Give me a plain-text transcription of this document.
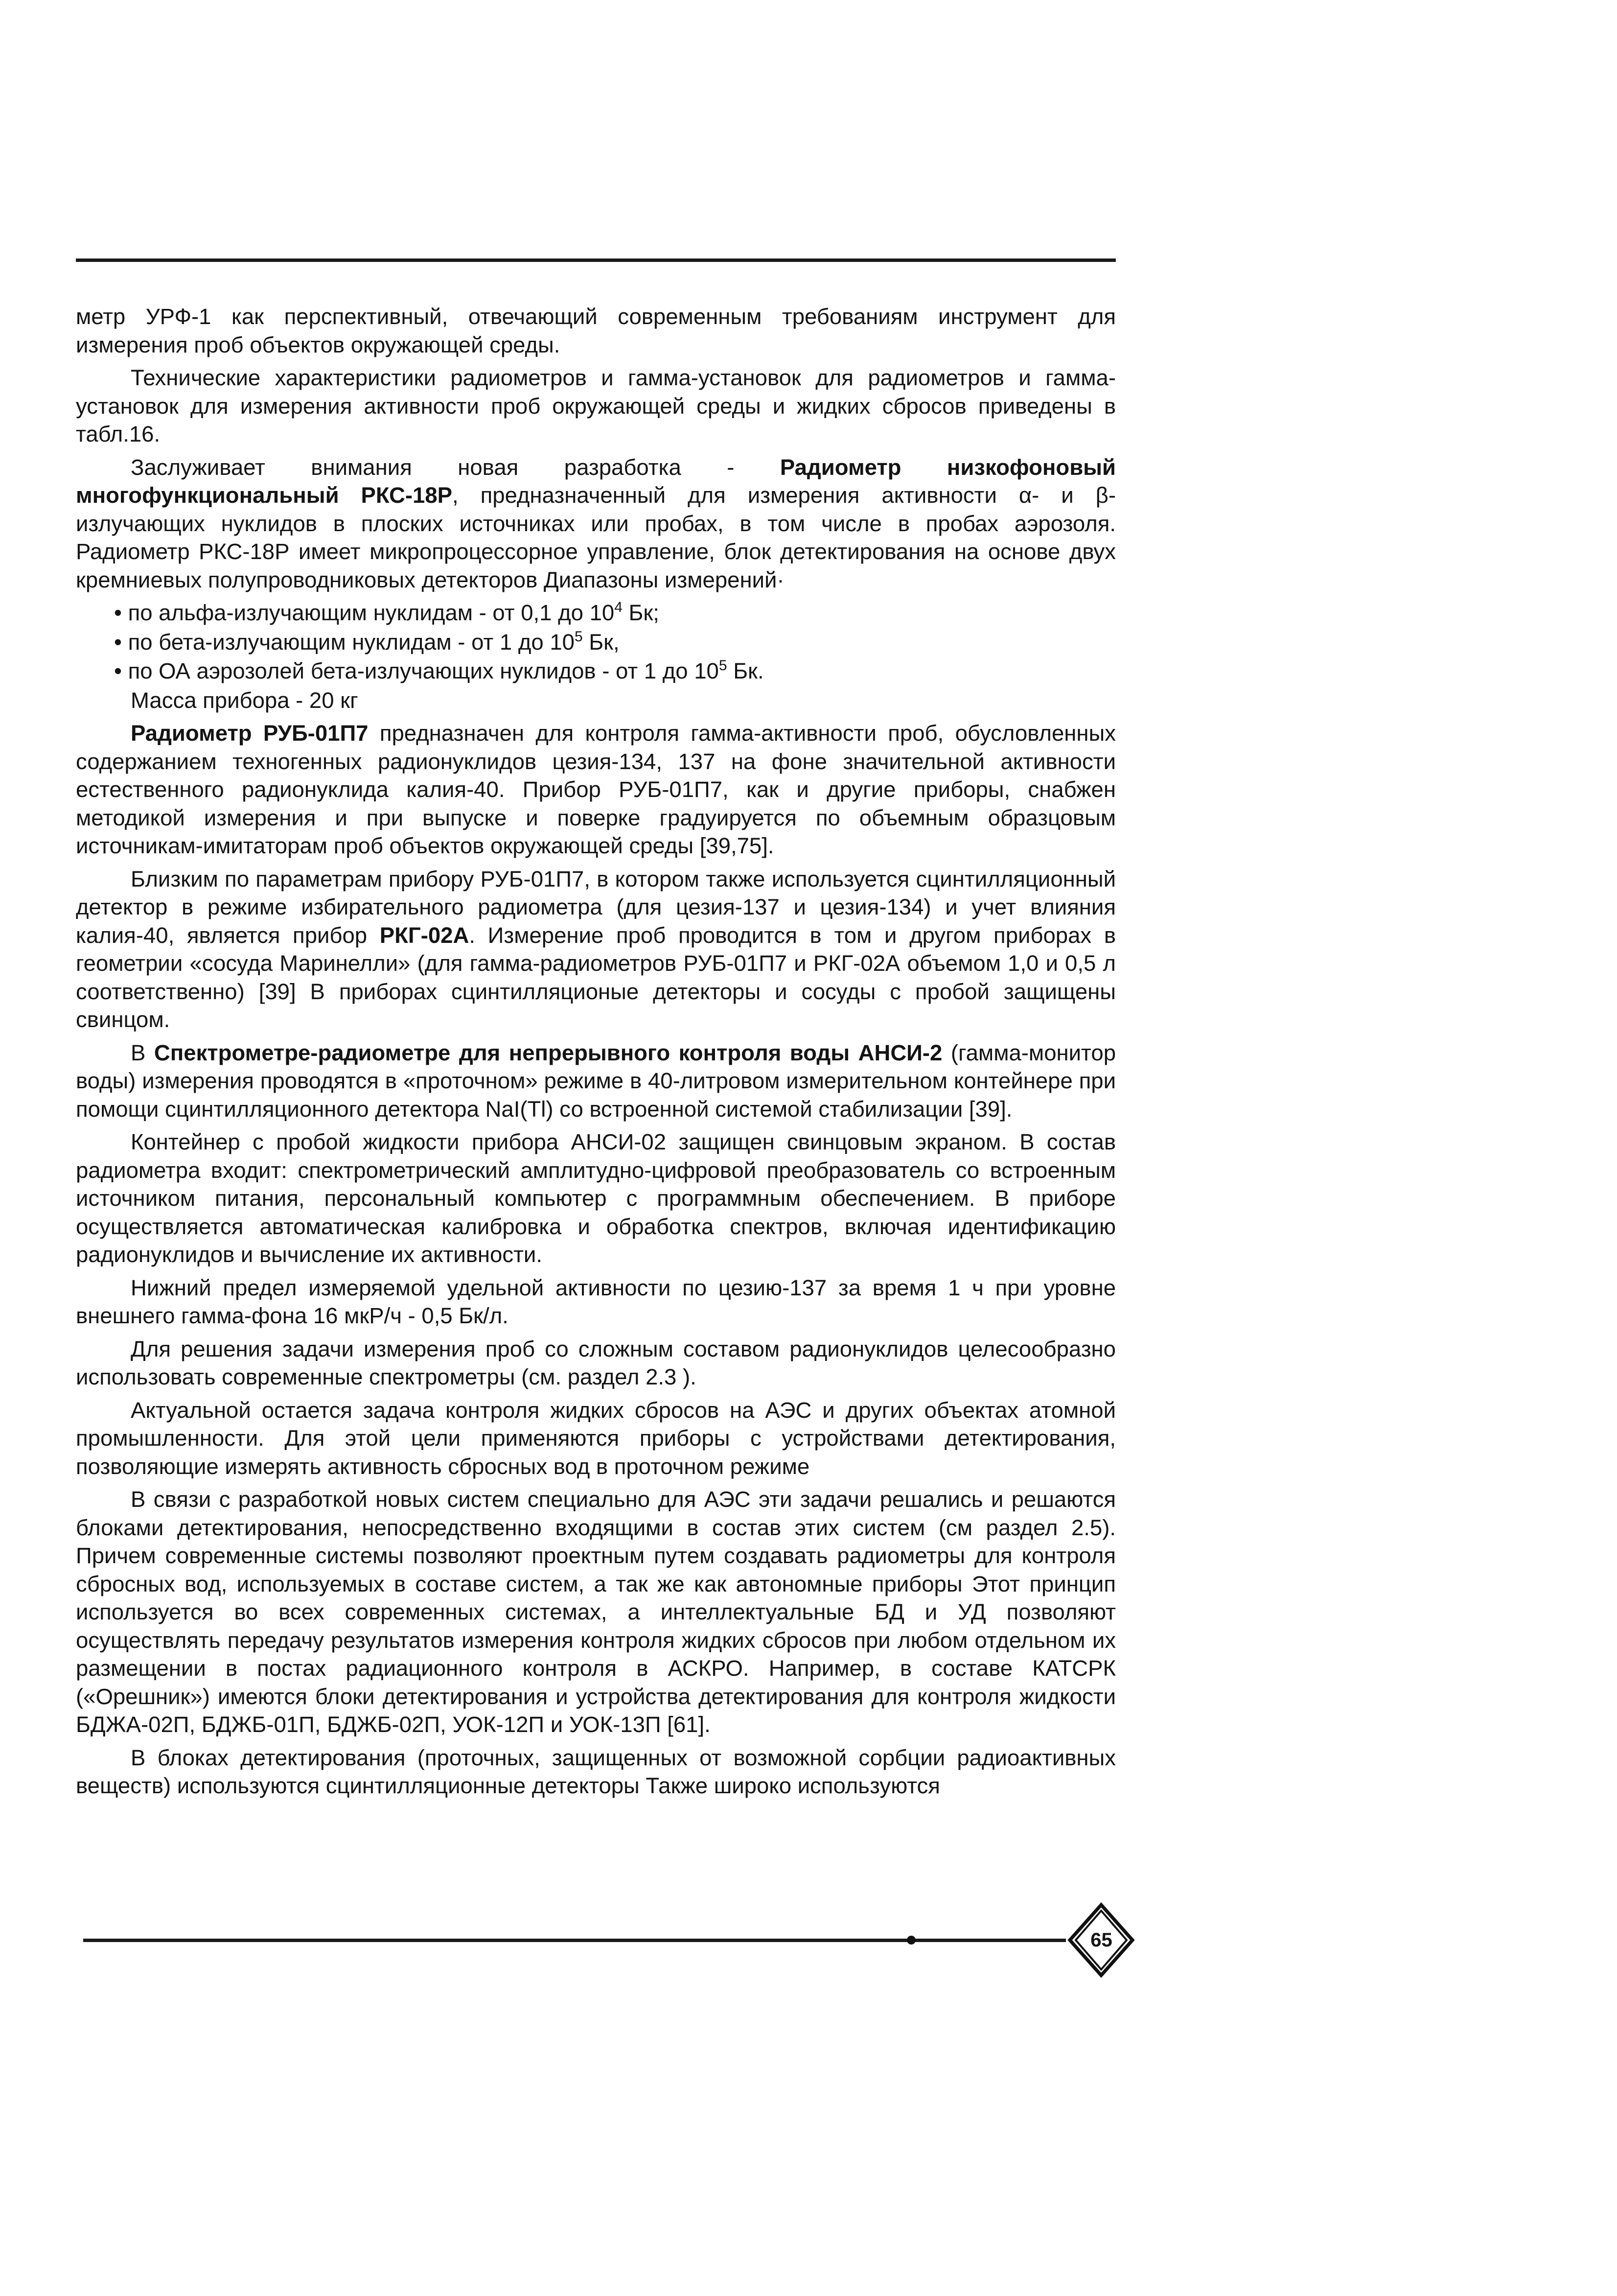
метр УРФ-1 как перспективный, отвечающий современным требованиям инструмент для измерения проб объектов окружающей среды.

Технические характеристики радиометров и гамма-установок для радиометров и гамма-установок для измерения активности проб окружающей среды и жидких сбросов приведены в табл.16.

Заслуживает внимания новая разработка - Радиометр низкофоновый многофункциональный РКС-18Р, предназначенный для измерения активности α- и β-излучающих нуклидов в плоских источниках или пробах, в том числе в пробах аэрозоля. Радиометр РКС-18Р имеет микропроцессорное управление, блок детектирования на основе двух кремниевых полупроводниковых детекторов Диапазоны измерений·

• по альфа-излучающим нуклидам - от 0,1 до $10^4$ Бк;

• по бета-излучающим нуклидам - от 1 до $10^5$ Бк,

• по ОА аэрозолей бета-излучающих нуклидов - от 1 до $10^5$ Бк.

Масса прибора - 20 кг

Радиометр РУБ-01П7 предназначен для контроля гамма-активности проб, обусловленных содержанием техногенных радионуклидов цезия-134, 137 на фоне значительной активности естественного радионуклида калия-40. Прибор РУБ-01П7, как и другие приборы, снабжен методикой измерения и при выпуске и поверке градуируется по объемным образцовым источникам-имитаторам проб объектов окружающей среды [39,75].

Близким по параметрам прибору РУБ-01П7, в котором также используется сцинтилляционный детектор в режиме избирательного радиометра (для цезия-137 и цезия-134) и учет влияния калия-40, является прибор РКГ-02А. Измерение проб проводится в том и другом приборах в геометрии «сосуда Маринелли» (для гамма-радиометров РУБ-01П7 и РКГ-02А объемом 1,0 и 0,5 л соответственно) [39] В приборах сцинтилляционые детекторы и сосуды с пробой защищены свинцом.

В Спектрометре-радиометре для непрерывного контроля воды АНСИ-2 (гамма-монитор воды) измерения проводятся в «проточном» режиме в 40-литровом измерительном контейнере при помощи сцинтилляционного детектора NaI(Tl) со встроенной системой стабилизации [39].

Контейнер с пробой жидкости прибора АНСИ-02 защищен свинцовым экраном. В состав радиометра входит: спектрометрический амплитудно-цифровой преобразователь со встроенным источником питания, персональный компьютер с программным обеспечением. В приборе осуществляется автоматическая калибровка и обработка спектров, включая идентификацию радионуклидов и вычисление их активности.

Нижний предел измеряемой удельной активности по цезию-137 за время 1 ч при уровне внешнего гамма-фона 16 мкР/ч - 0,5 Бк/л.

Для решения задачи измерения проб со сложным составом радионуклидов целесообразно использовать современные спектрометры (см. раздел 2.3 ).

Актуальной остается задача контроля жидких сбросов на АЭС и других объектах атомной промышленности. Для этой цели применяются приборы с устройствами детектирования, позволяющие измерять активность сбросных вод в проточном режиме

В связи с разработкой новых систем специально для АЭС эти задачи решались и решаются блоками детектирования, непосредственно входящими в состав этих систем (см раздел 2.5). Причем современные системы позволяют проектным путем создавать радиометры для контроля сбросных вод, используемых в составе систем, а так же как автономные приборы Этот принцип используется во всех современных системах, а интеллектуальные БД и УД позволяют осуществлять передачу результатов измерения контроля жидких сбросов при любом отдельном их размещении в постах радиационного контроля в АСКРО. Например, в составе КАТСРК («Орешник») имеются блоки детектирования и устройства детектирования для контроля жидкости БДЖА-02П, БДЖБ-01П, БДЖБ-02П, УОК-12П и УОК-13П [61].

В блоках детектирования (проточных, защищенных от возможной сорбции радиоактивных веществ) используются сцинтилляционные детекторы Также широко используются

65
